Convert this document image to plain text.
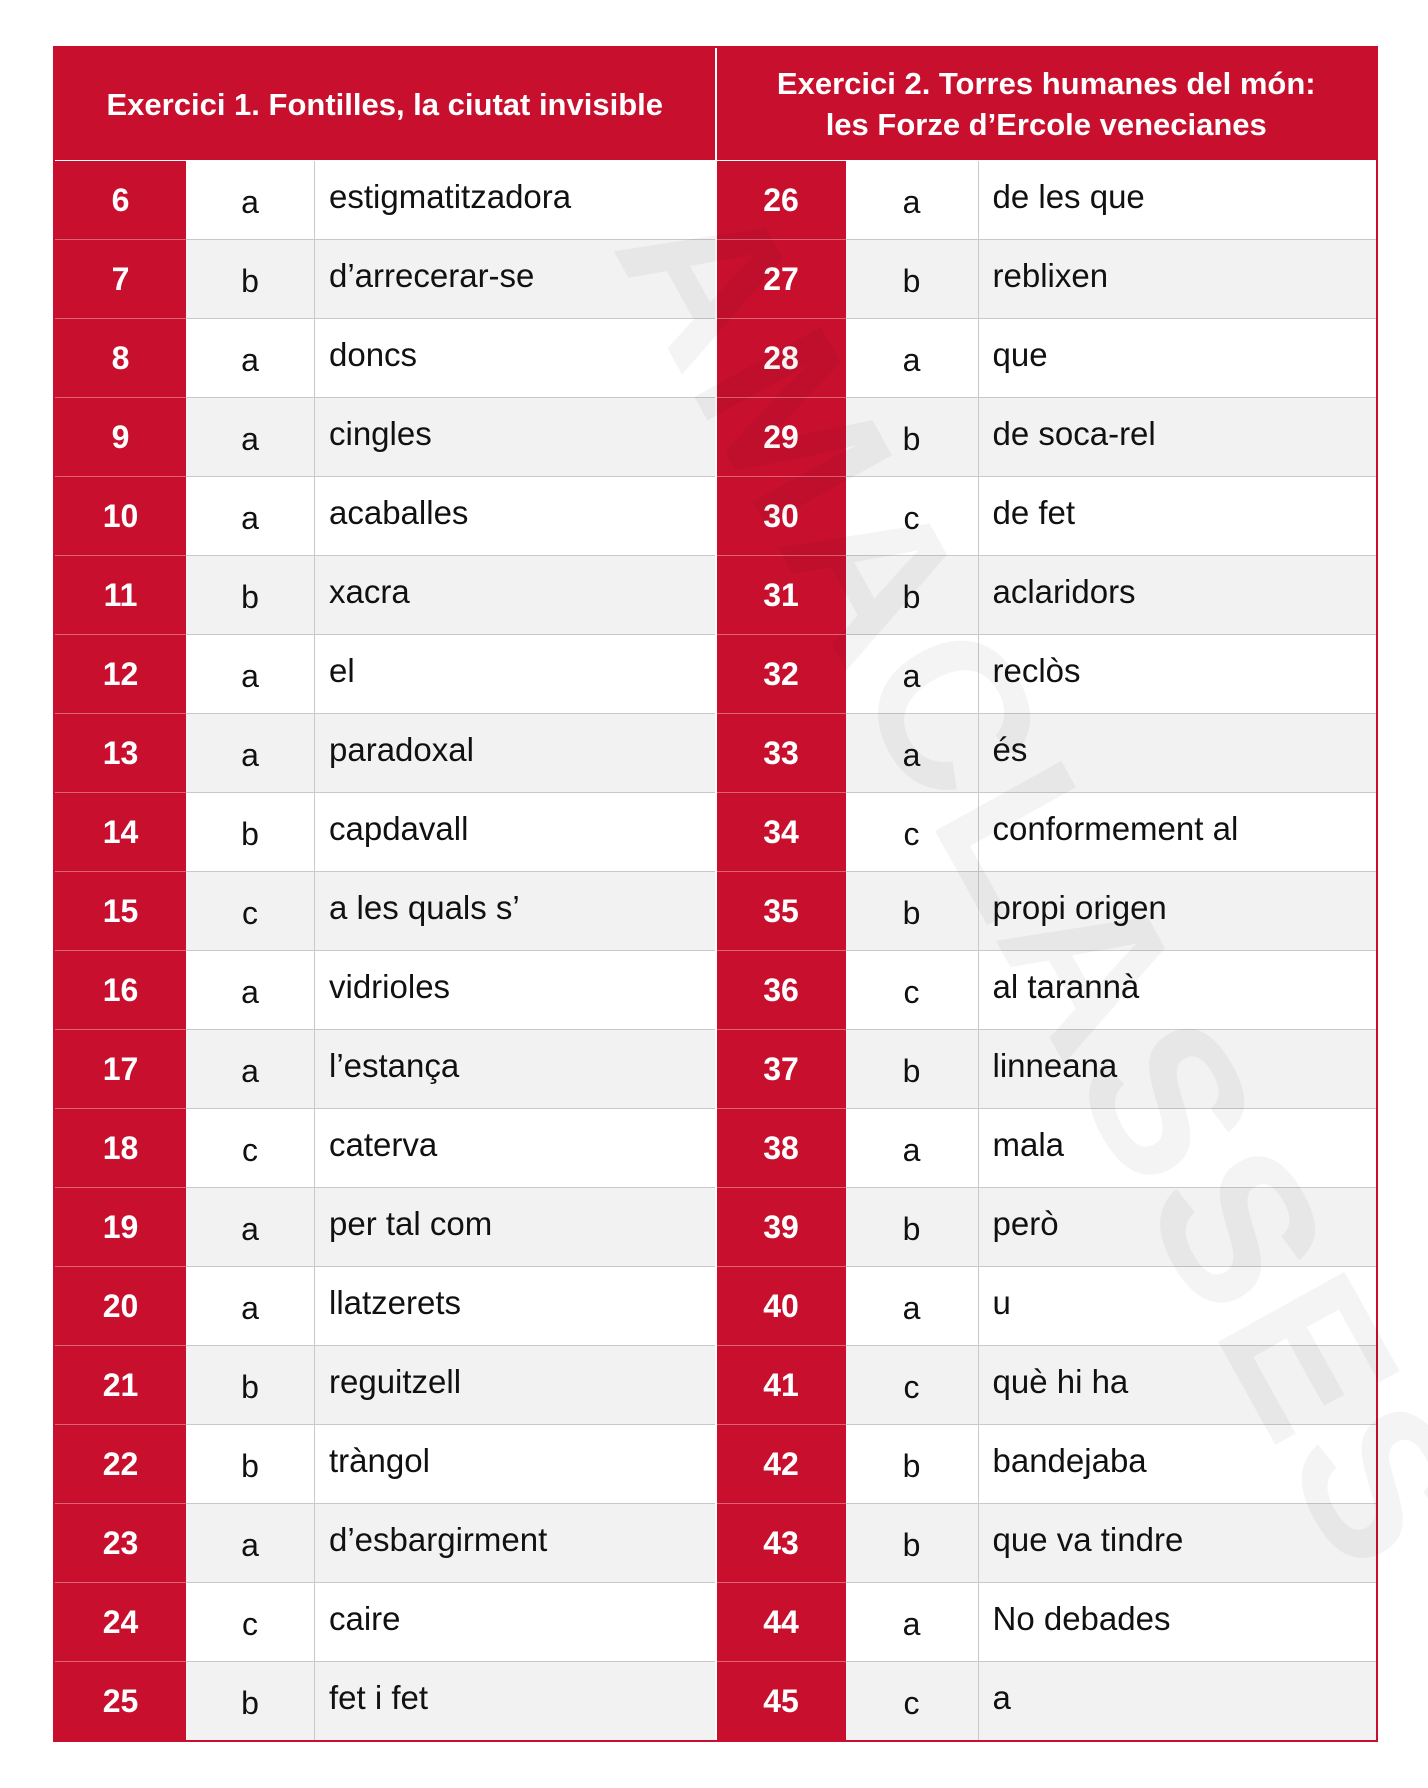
Exercici 1. Fontilles, la ciutat invisible
6	a	estigmatitzadora
7	b	d’arrecerar-se
8	a	doncs
9	a	cingles
10	a	acaballes
11	b	xacra
12	a	el
13	a	paradoxal
14	b	capdavall
15	c	a les quals s’
16	a	vidrioles
17	a	l’estança
18	c	caterva
19	a	per tal com
20	a	llatzerets
21	b	reguitzell
22	b	tràngol
23	a	d’esbargirment
24	c	caire
25	b	fet i fet
Exercici 2. Torres humanes del món:
les Forze d’Ercole venecianes
26	a	de les que
27	b	reblixen
28	a	que
29	b	de soca-rel
30	c	de fet
31	b	aclaridors
32	a	reclòs
33	a	és
34	c	conformement al
35	b	propi origen
36	c	al tarannà
37	b	linneana
38	a	mala
39	b	però
40	a	u
41	c	què hi ha
42	b	bandejaba
43	b	que va tindre
44	a	No debades
45	c	a
